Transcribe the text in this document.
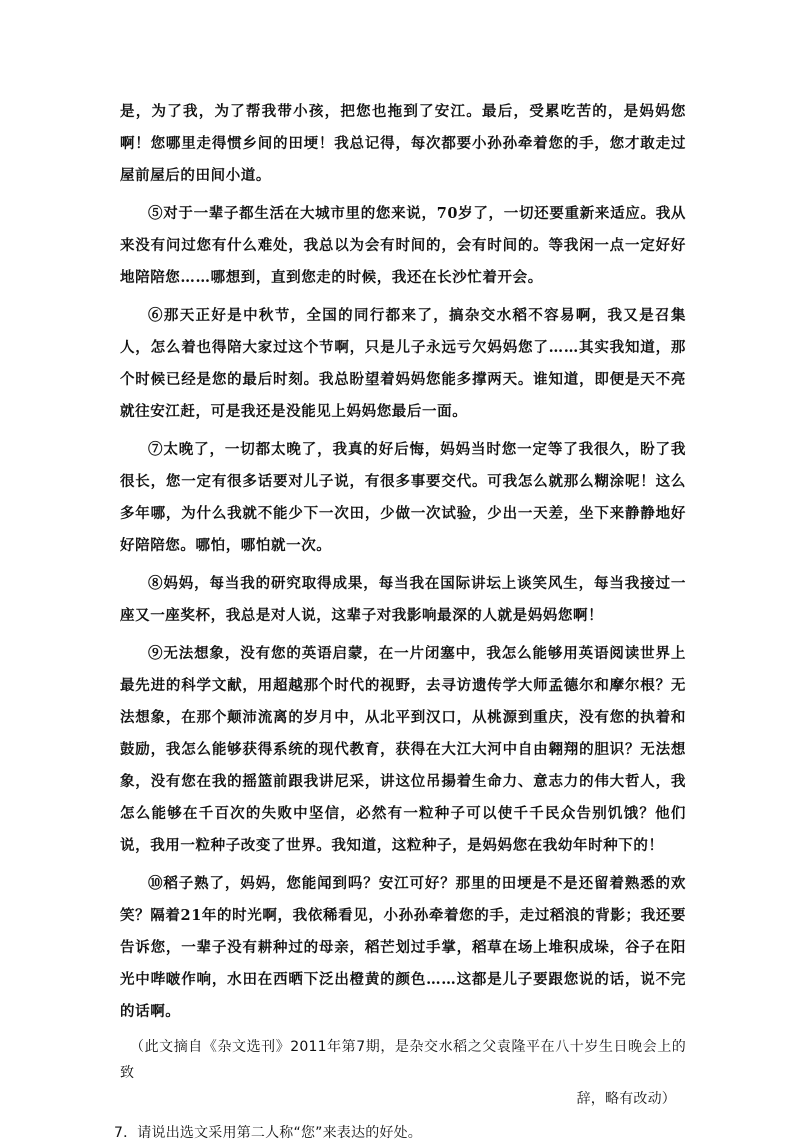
是，为了我，为了帮我带小孩，把您也拖到了安江。最后，受累吃苦的，是妈妈您啊！您哪里走得惯乡间的田埂！我总记得，每次都要小孙孙牵着您的手，您才敢走过屋前屋后的田间小道。

⑤对于一辈子都生活在大城市里的您来说，70岁了，一切还要重新来适应。我从来没有问过您有什么难处，我总以为会有时间的，会有时间的。等我闲一点一定好好地陪陪您……哪想到，直到您走的时候，我还在长沙忙着开会。

⑥那天正好是中秋节，全国的同行都来了，搞杂交水稻不容易啊，我又是召集人，怎么着也得陪大家过这个节啊，只是儿子永远亏欠妈妈您了……其实我知道，那个时候已经是您的最后时刻。我总盼望着妈妈您能多撑两天。谁知道，即便是天不亮就往安江赶，可是我还是没能见上妈妈您最后一面。

⑦太晚了，一切都太晚了，我真的好后悔，妈妈当时您一定等了我很久，盼了我很长，您一定有很多话要对儿子说，有很多事要交代。可我怎么就那么糊涂呢！这么多年哪，为什么我就不能少下一次田，少做一次试验，少出一天差，坐下来静静地好好陪陪您。哪怕，哪怕就一次。

⑧妈妈，每当我的研究取得成果，每当我在国际讲坛上谈笑风生，每当我接过一座又一座奖杯，我总是对人说，这辈子对我影响最深的人就是妈妈您啊！

⑨无法想象，没有您的英语启蒙，在一片闭塞中，我怎么能够用英语阅读世界上最先进的科学文献，用超越那个时代的视野，去寻访遗传学大师孟德尔和摩尔根？无法想象，在那个颠沛流离的岁月中，从北平到汉口，从桃源到重庆，没有您的执着和鼓励，我怎么能够获得系统的现代教育，获得在大江大河中自由翱翔的胆识？无法想象，没有您在我的摇篮前跟我讲尼采，讲这位吊揚着生命力、意志力的伟大哲人，我怎么能够在千百次的失败中坚信，必然有一粒种子可以使千千民众告别饥饿？他们说，我用一粒种子改变了世界。我知道，这粒种子，是妈妈您在我幼年时种下的！

⑩稻子熟了，妈妈，您能闻到吗？安江可好？那里的田埂是不是还留着熟悉的欢笑？隔着21年的时光啊，我依稀看见，小孙孙牵着您的手，走过稻浪的背影；我还要告诉您，一辈子没有耕种过的母亲，稻芒划过手掌，稻草在场上堆积成垛，谷子在阳光中哔啵作响，水田在西晒下泛出橙黄的颜色……这都是儿子要跟您说的话，说不完的话啊。

（此文摘自《杂文选刊》2011年第7期，是杂交水稻之父袁隆平在八十岁生日晚会上的致
辞，略有改动）

7．请说出选文采用第二人称“您”来表达的好处。
